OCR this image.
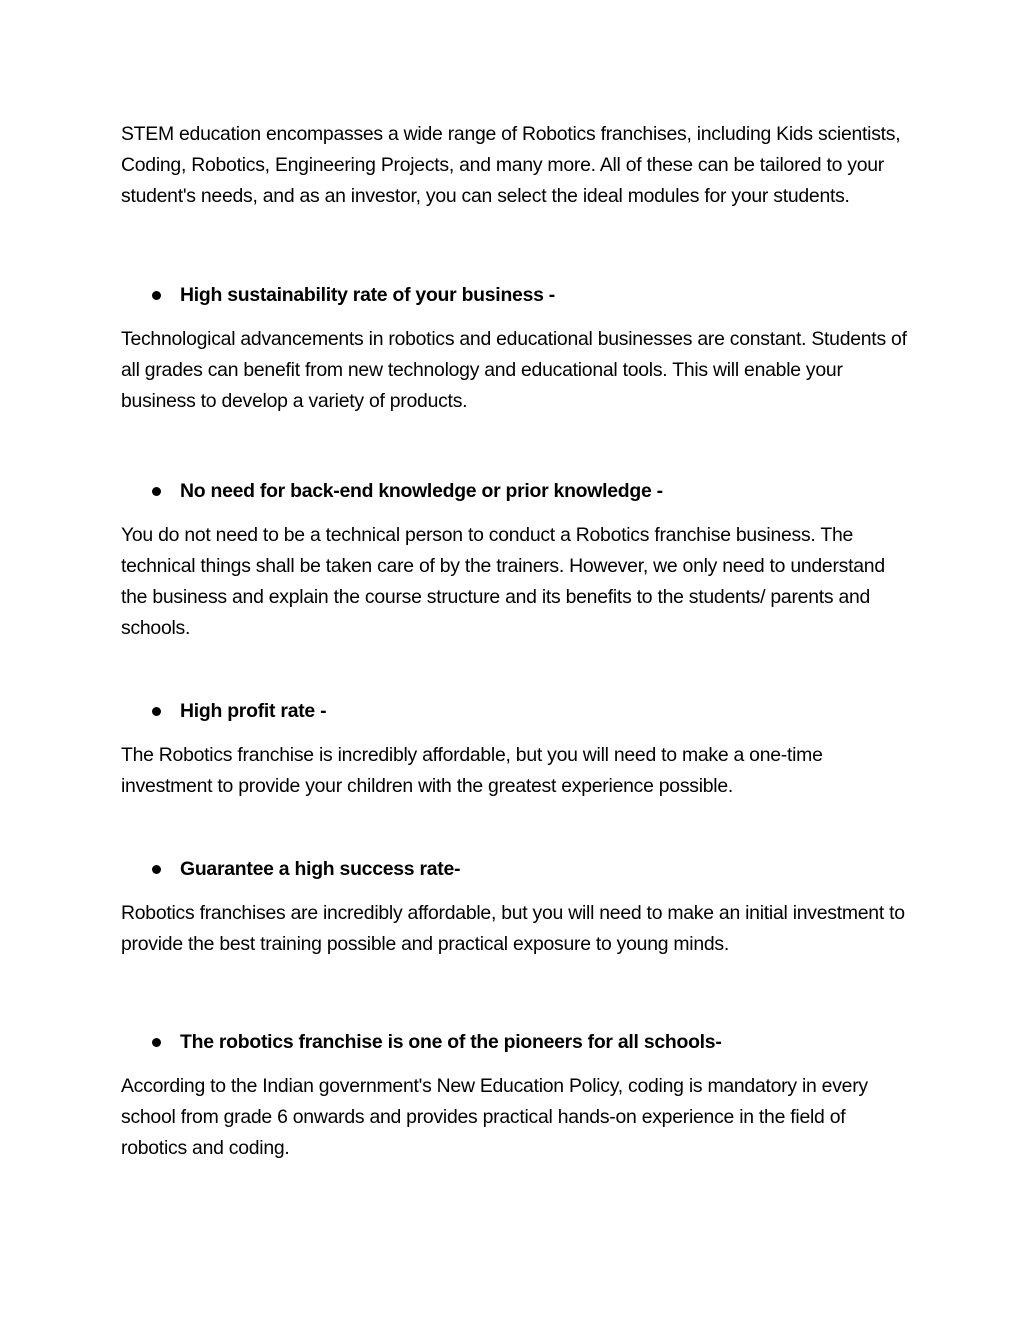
STEM education encompasses a wide range of Robotics franchises, including Kids scientists, Coding, Robotics, Engineering Projects, and many more. All of these can be tailored to your student's needs, and as an investor, you can select the ideal modules for your students.

High sustainability rate of your business -

Technological advancements in robotics and educational businesses are constant. Students of all grades can benefit from new technology and educational tools. This will enable your business to develop a variety of products.

No need for back-end knowledge or prior knowledge -

You do not need to be a technical person to conduct a Robotics franchise business. The technical things shall be taken care of by the trainers. However, we only need to understand the business and explain the course structure and its benefits to the students/ parents and schools.

High profit rate -

The Robotics franchise is incredibly affordable, but you will need to make a one-time investment to provide your children with the greatest experience possible.

Guarantee a high success rate-

Robotics franchises are incredibly affordable, but you will need to make an initial investment to provide the best training possible and practical exposure to young minds.

The robotics franchise is one of the pioneers for all schools-

According to the Indian government's New Education Policy, coding is mandatory in every school from grade 6 onwards and provides practical hands-on experience in the field of robotics and coding.
